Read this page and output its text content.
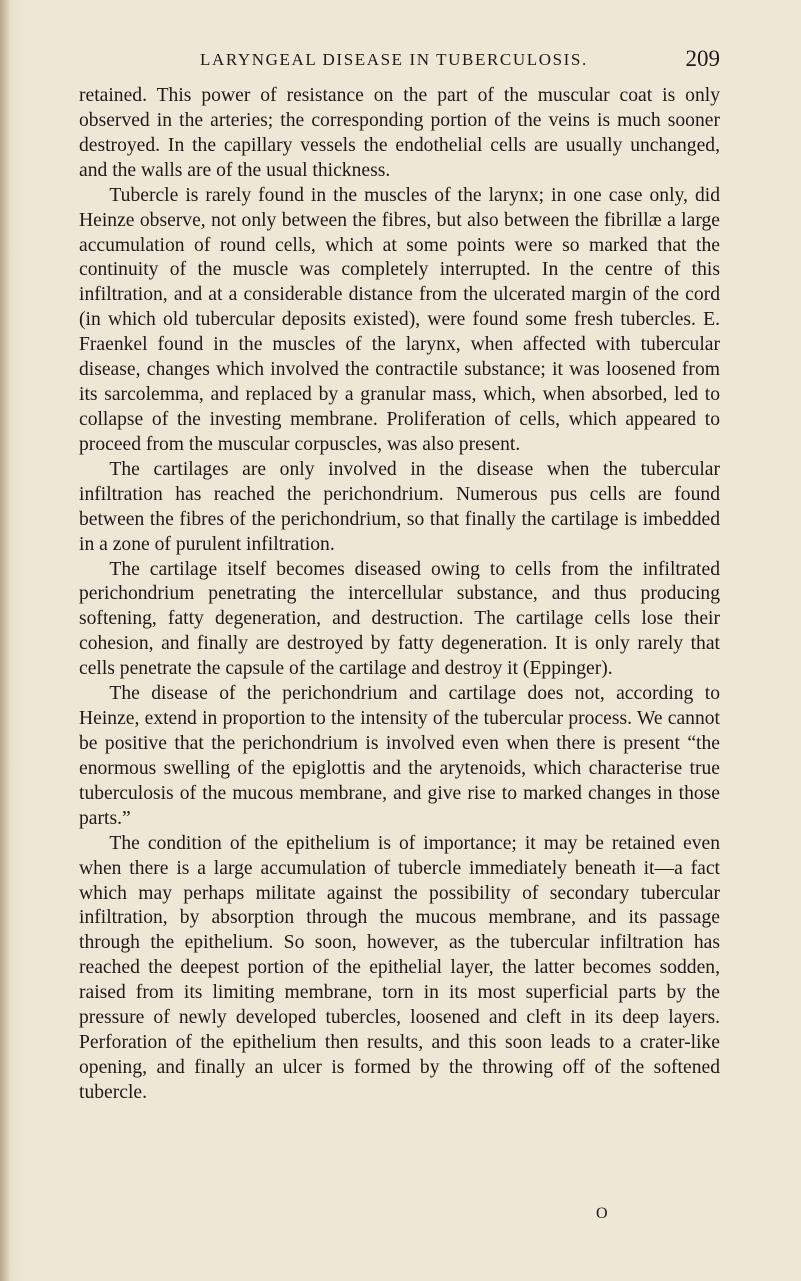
LARYNGEAL DISEASE IN TUBERCULOSIS.	209

retained. This power of resistance on the part of the muscular coat is only observed in the arteries; the corresponding portion of the veins is much sooner destroyed. In the capillary vessels the endothelial cells are usually unchanged, and the walls are of the usual thickness.

Tubercle is rarely found in the muscles of the larynx; in one case only, did Heinze observe, not only between the fibres, but also between the fibrillæ a large accumulation of round cells, which at some points were so marked that the continuity of the muscle was completely interrupted. In the centre of this infiltration, and at a considerable distance from the ulcerated margin of the cord (in which old tubercular deposits existed), were found some fresh tubercles. E. Fraenkel found in the muscles of the larynx, when affected with tubercular disease, changes which involved the contractile substance; it was loosened from its sarcolemma, and replaced by a granular mass, which, when absorbed, led to collapse of the investing membrane. Proliferation of cells, which appeared to proceed from the muscular corpuscles, was also present.

The cartilages are only involved in the disease when the tubercular infiltration has reached the perichondrium. Numerous pus cells are found between the fibres of the perichondrium, so that finally the cartilage is imbedded in a zone of purulent infiltration.

The cartilage itself becomes diseased owing to cells from the infiltrated perichondrium penetrating the intercellular substance, and thus producing softening, fatty degeneration, and destruction. The cartilage cells lose their cohesion, and finally are destroyed by fatty degeneration. It is only rarely that cells penetrate the capsule of the cartilage and destroy it (Eppinger).

The disease of the perichondrium and cartilage does not, according to Heinze, extend in proportion to the intensity of the tubercular process. We cannot be positive that the perichondrium is involved even when there is present “the enormous swelling of the epiglottis and the arytenoids, which characterise true tuberculosis of the mucous membrane, and give rise to marked changes in those parts.”

The condition of the epithelium is of importance; it may be retained even when there is a large accumulation of tubercle immediately beneath it—a fact which may perhaps militate against the possibility of secondary tubercular infiltration, by absorption through the mucous membrane, and its passage through the epithelium. So soon, however, as the tubercular infiltration has reached the deepest portion of the epithelial layer, the latter becomes sodden, raised from its limiting membrane, torn in its most superficial parts by the pressure of newly developed tubercles, loosened and cleft in its deep layers. Perforation of the epithelium then results, and this soon leads to a crater-like opening, and finally an ulcer is formed by the throwing off of the softened tubercle.

O
